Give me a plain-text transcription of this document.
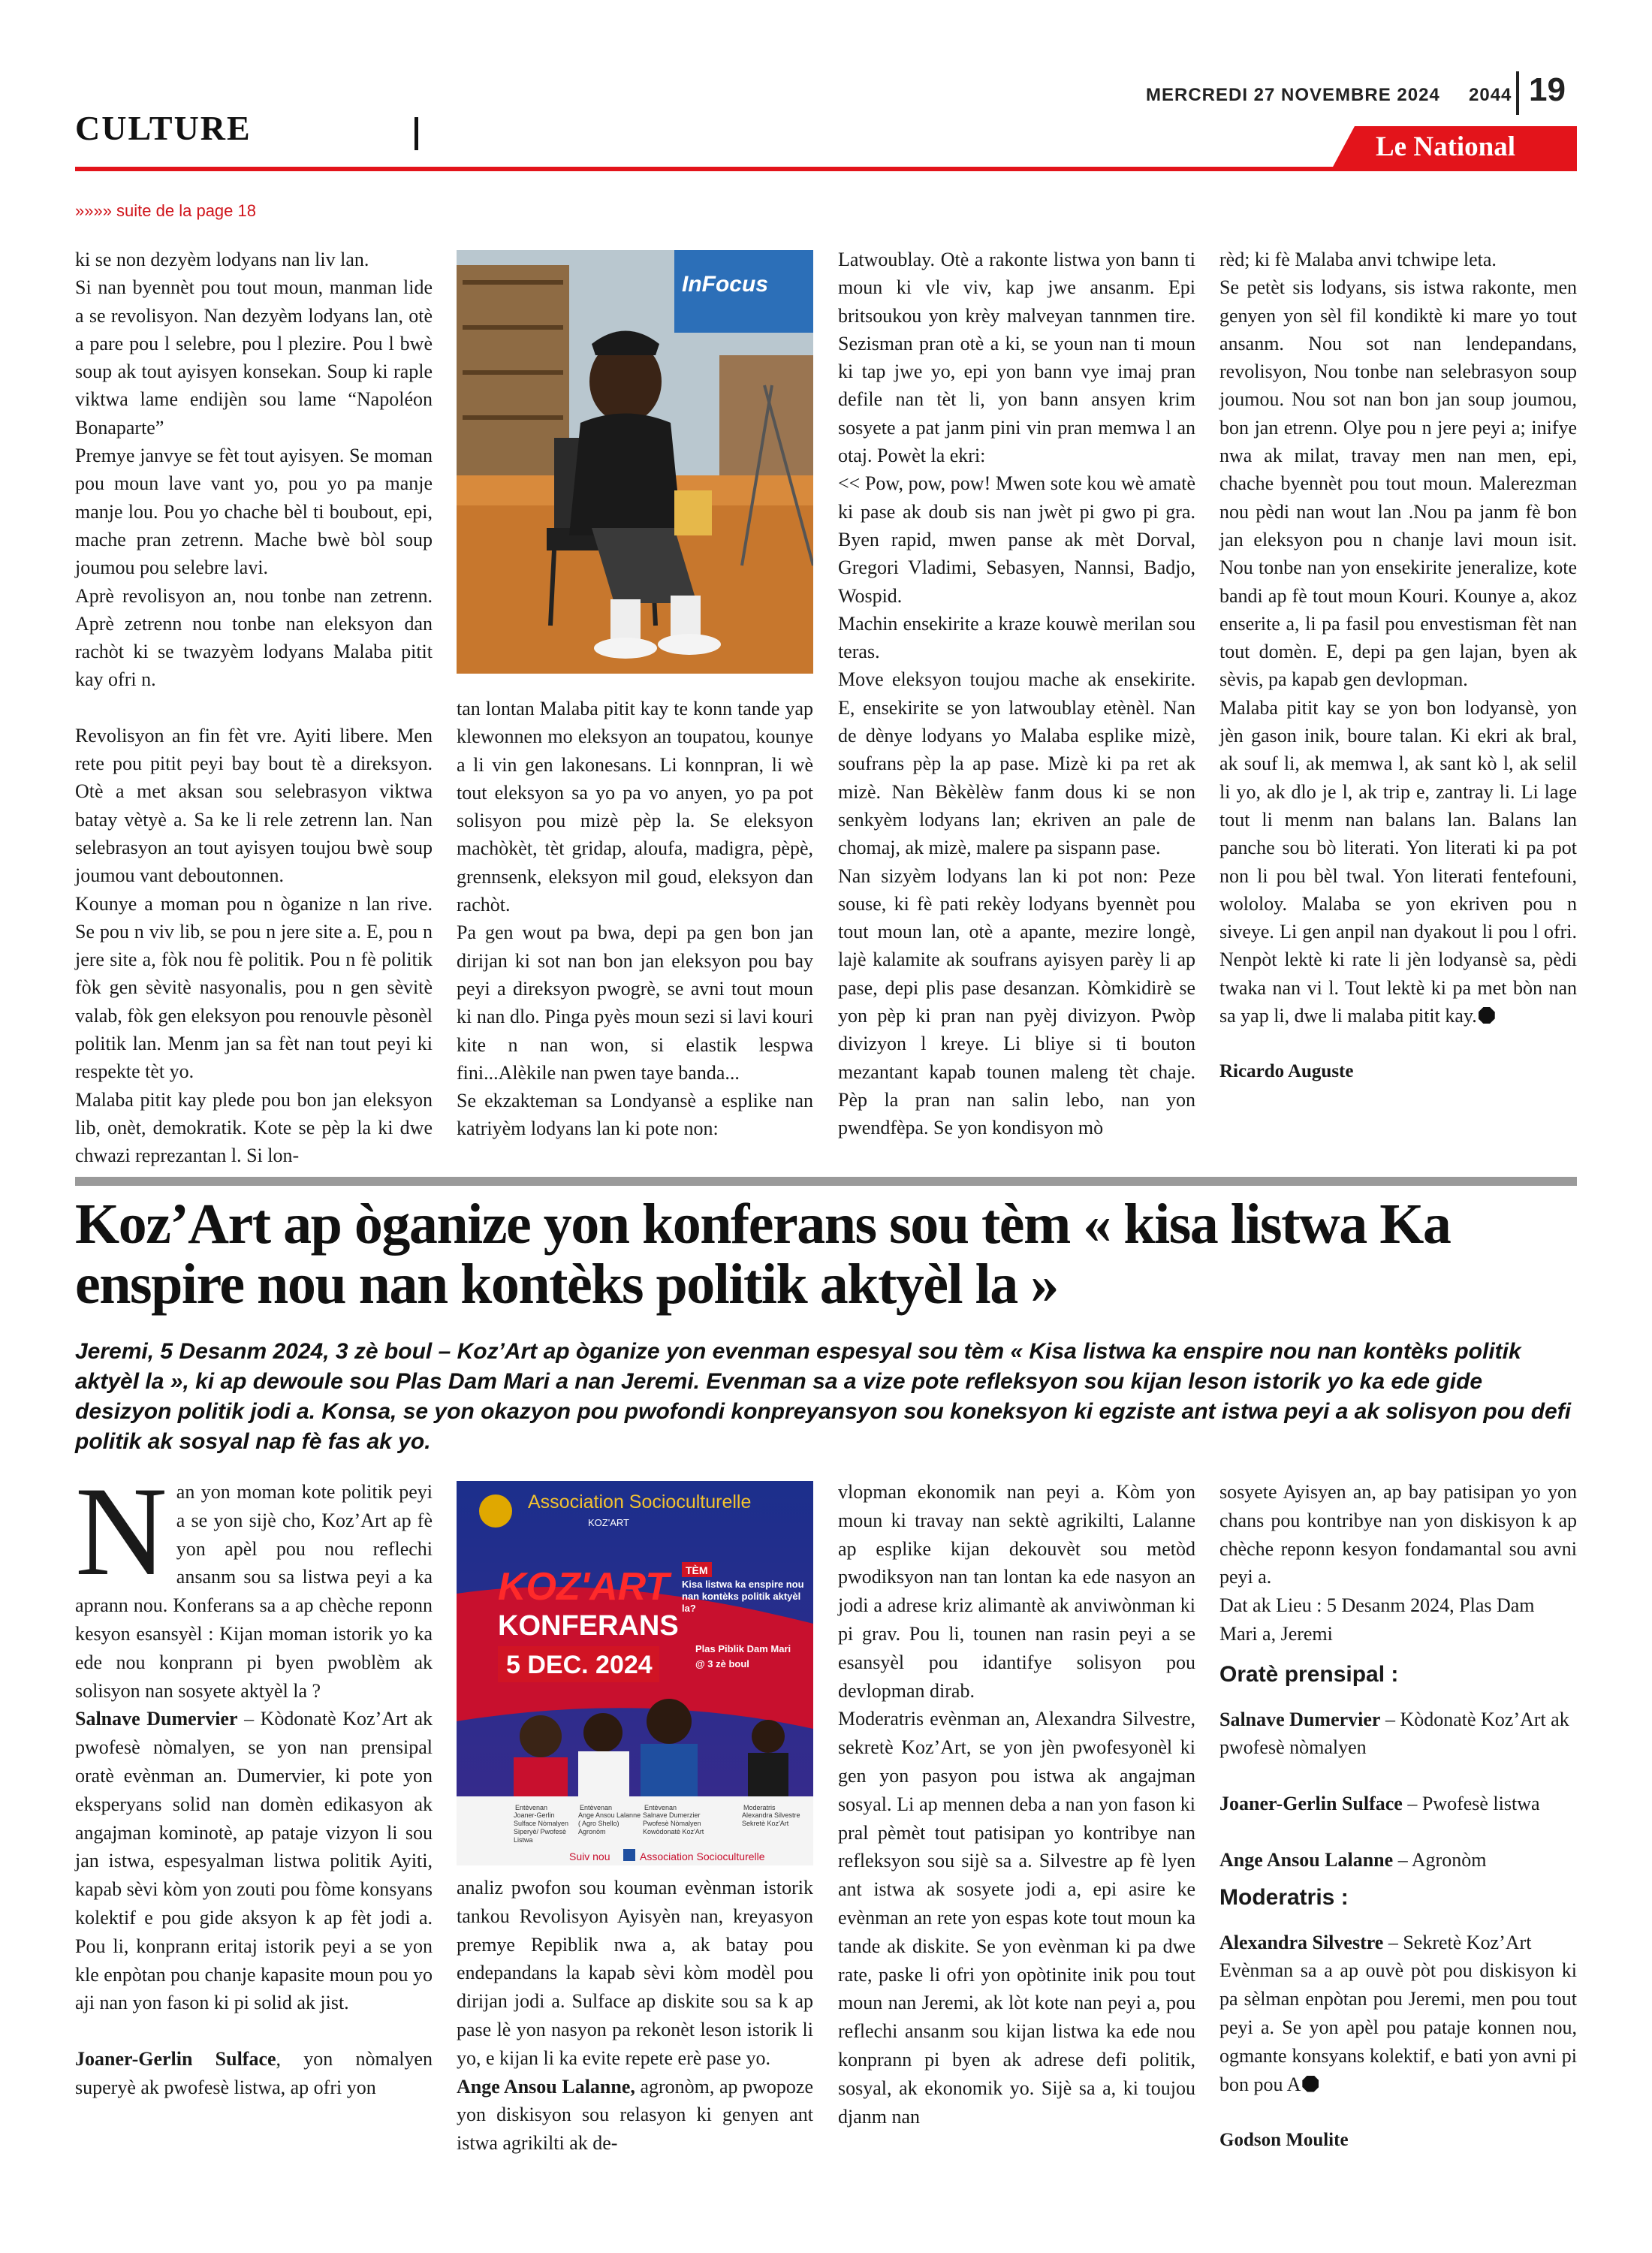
MERCREDI 27 NOVEMBRE 2024 2044 19
CULTURE	Le National
»»»» suite de la page 18

ki se non dezyèm lodyans nan liv lan.

Si nan byennèt pou tout moun, manman lide a se revolisyon. Nan dezyèm lodyans lan, otè a pare pou l selebre, pou l plezire. Pou l bwè soup ak tout ayisyen konsekan. Soup ki raple viktwa lame endijèn sou lame “Napoléon Bonaparte”

Premye janvye se fèt tout ayisyen. Se moman pou moun lave vant yo, pou yo pa manje manje lou. Pou yo chache bèl ti boubout, epi, mache pran zetrenn. Mache bwè bòl soup joumou pou selebre lavi.

Aprè revolisyon an, nou tonbe nan zetrenn. Aprè zetrenn nou tonbe nan eleksyon dan rachòt ki se twazyèm lodyans Malaba pitit kay ofri n.

Revolisyon an fin fèt vre. Ayiti libere. Men rete pou pitit peyi bay bout tè a direksyon. Otè a met aksan sou selebrasyon viktwa batay vètyè a. Sa ke li rele zetrenn lan. Nan selebrasyon an tout ayisyen toujou bwè soup joumou vant deboutonnen.

Kounye a moman pou n òganize n lan rive. Se pou n viv lib, se pou n jere site a. E, pou n jere site a, fòk nou fè politik. Pou n fè politik fòk gen sèvitè nasyonalis, pou n gen sèvitè valab, fòk gen eleksyon pou renouvle pèsonèl politik lan. Menm jan sa fèt nan tout peyi ki respekte tèt yo.

Malaba pitit kay plede pou bon jan eleksyon lib, onèt, demokratik. Kote se pèp la ki dwe chwazi reprezantan l. Si lon-

InFocus

tan lontan Malaba pitit kay te konn tande yap klewonnen mo eleksyon an toupatou, kounye a li vin gen lakonesans. Li konnpran, li wè tout eleksyon sa yo pa vo anyen, yo pa pot solisyon pou mizè pèp la. Se eleksyon machòkèt, tèt gridap, aloufa, madigra, pèpè, grennsenk, eleksyon mil goud, eleksyon dan rachòt.

Pa gen wout pa bwa, depi pa gen bon jan dirijan ki sot nan bon jan eleksyon pou bay peyi a direksyon pwogrè, se avni tout moun ki nan dlo. Pinga pyès moun sezi si lavi kouri kite n nan won, si elastik lespwa fini...Alèkile nan pwen taye banda...

Se ekzakteman sa Londyansè a esplike nan katriyèm lodyans lan ki pote non:

Latwoublay. Otè a rakonte listwa yon bann ti moun ki vle viv, kap jwe ansanm. Epi britsoukou yon krèy malveyan tannmen tire. Sezisman pran otè a ki, se youn nan ti moun ki tap jwe yo, epi yon bann vye imaj pran defile nan tèt li, yon bann ansyen krim sosyete a pat janm pini vin pran memwa l an otaj. Powèt la ekri:

<< Pow, pow, pow! Mwen sote kou wè amatè ki pase ak doub sis nan jwèt pi gwo pi gra. Byen rapid, mwen panse ak mèt Dorval, Gregori Vladimi, Sebasyen, Nannsi, Badjo, Wospid.

Machin ensekirite a kraze kouwè merilan sou teras.

Move eleksyon toujou mache ak ensekirite. E, ensekirite se yon latwoublay etènèl. Nan de dènye lodyans yo Malaba esplike mizè, soufrans pèp la ap pase. Mizè ki pa ret ak mizè. Nan Bèkèlèw fanm dous ki se non senkyèm lodyans lan; ekriven an pale de chomaj, ak mizè, malere pa sispann pase.

Nan sizyèm lodyans lan ki pot non: Peze souse, ki fè pati rekèy lodyans byennèt pou tout moun lan, otè a apante, mezire longè, lajè kalamite ak soufrans ayisyen parèy li ap pase, depi plis pase desanzan. Kòmkidirè se yon pèp ki pran nan pyèj divizyon. Pwòp divizyon l kreye. Li bliye si ti bouton mezantant kapab tounen maleng tèt chaje. Pèp la pran nan salin lebo, nan yon pwendfèpa. Se yon kondisyon mò

rèd; ki fè Malaba anvi tchwipe leta.

Se petèt sis lodyans, sis istwa rakonte, men genyen yon sèl fil kondiktè ki mare yo tout ansanm. Nou sot nan lendepandans, revolisyon, Nou tonbe nan selebrasyon soup joumou. Nou sot nan bon jan soup joumou, bon jan etrenn. Olye pou n jere peyi a; inifye nwa ak milat, travay men nan men, epi, chache byennèt pou tout moun. Malerezman nou pèdi nan wout lan .Nou pa janm fè bon jan eleksyon pou n chanje lavi moun isit. Nou tonbe nan yon ensekirite jeneralize, kote bandi ap fè tout moun Kouri. Kounye a, akoz enserite a, li pa fasil pou envestisman fèt nan tout domèn. E, depi pa gen lajan, byen ak sèvis, pa kapab gen devlopman.

Malaba pitit kay se yon bon lodyansè, yon jèn gason inik, boure talan. Ki ekri ak bral, ak souf li, ak memwa l, ak sant kò l, ak selil li yo, ak dlo je l, ak trip e, zantray li. Li lage tout li menm nan balans lan. Balans lan panche sou bò literati. Yon literati ki pa pot non li pou bèl twal. Yon literati fentefouni, wololoy. Malaba se yon ekriven pou n siveye. Li gen anpil nan dyakout li pou l ofri. Nenpòt lektè ki rate li jèn lodyansè sa, pèdi twaka nan vi l. Tout lektè ki pa met bòn nan sa yap li, dwe li malaba pitit kay.

Ricardo Auguste

Koz’Art ap òganize yon konferans sou tèm « kisa listwa Ka
enspire nou nan kontèks politik aktyèl la »
Jeremi, 5 Desanm 2024, 3 zè boul – Koz’Art ap òganize yon evenman espesyal sou tèm « Kisa listwa ka enspire nou nan kontèks politik aktyèl la », ki ap dewoule sou Plas Dam Mari a nan Jeremi. Evenman sa a vize pote refleksyon sou kijan leson istorik yo ka ede gide desizyon politik jodi a. Konsa, se yon okazyon pou pwofondi konpreyansyon sou koneksyon ki egziste ant istwa peyi a ak solisyon pou defi politik ak sosyal nap fè fas ak yo.

Nan yon moman kote politik peyi a se yon sijè cho, Koz’Art ap fè yon apèl pou nou reflechi ansanm sou sa listwa peyi a ka aprann nou. Konferans sa a ap chèche reponn kesyon esansyèl : Kijan moman istorik yo ka ede nou konprann pi byen pwoblèm ak solisyon nan sosyete aktyèl la ?

Salnave Dumervier – Kòdonatè Koz’Art ak pwofesè nòmalyen, se yon nan prensipal oratè evènman an. Dumervier, ki pote yon eksperyans solid nan domèn edikasyon ak angajman kominotè, ap pataje vizyon li sou jan istwa, espesyalman listwa politik Ayiti, kapab sèvi kòm yon zouti pou fòme konsyans kolektif e pou gide aksyon k ap fèt jodi a. Pou li, konprann eritaj istorik peyi a se yon kle enpòtan pou chanje kapasite moun pou yo aji nan yon fason ki pi solid ak jist.

Joaner-Gerlin Sulface, yon nòmalyen superyè ak pwofesè listwa, ap ofri yon

Association Socioculturelle
KOZ'ART
KOZ'ART
KONFERANS
5 DEC. 2024
TÈM
Kisa listwa ka enspire nou nan kontèks politik aktyèl la?
Plas Piblik Dam Mari
@ 3 zè boul
Entèvenan
Joaner-Gerlin Sulface Nòmalyen Siperyè/ Pwofesè Listwa
Entèvenan
Ange Ansou Lalanne ( Agro Shello) Agronòm
Entèvenan
Salnave Dumerzier Pwofesè Nòmalyen Kowòdonatè Koz'Art
Moderatris
Alexandra Silvestre Sekretè Koz'Art
Suiv nou	Association Socioculturelle

analiz pwofon sou kouman evènman istorik tankou Revolisyon Ayisyèn nan, kreyasyon premye Repiblik nwa a, ak batay pou endepandans la kapab sèvi kòm modèl pou dirijan jodi a. Sulface ap diskite sou sa k ap pase lè yon nasyon pa rekonèt leson istorik li yo, e kijan li ka evite repete erè pase yo.

Ange Ansou Lalanne, agronòm, ap pwopoze yon diskisyon sou relasyon ki genyen ant istwa agrikilti ak de-

vlopman ekonomik nan peyi a. Kòm yon moun ki travay nan sektè agrikilti, Lalanne ap esplike kijan dekouvèt sou metòd pwodiksyon nan tan lontan ka ede nasyon an jodi a adrese kriz alimantè ak anviwònman ki pi grav. Pou li, tounen nan rasin peyi a se esansyèl pou idantifye solisyon pou devlopman dirab.

Moderatris evènman an, Alexandra Silvestre, sekretè Koz’Art, se yon jèn pwofesyonèl ki gen yon pasyon pou istwa ak angajman sosyal. Li ap mennen deba a nan yon fason ki pral pèmèt tout patisipan yo kontribye nan refleksyon sou sijè sa a. Silvestre ap fè lyen ant istwa ak sosyete jodi a, epi asire ke evènman an rete yon espas kote tout moun ka tande ak diskite. Se yon evènman ki pa dwe rate, paske li ofri yon opòtinite inik pou tout moun nan Jeremi, ak lòt kote nan peyi a, pou reflechi ansanm sou kijan listwa ka ede nou konprann pi byen ak adrese defi politik, sosyal, ak ekonomik yo. Sijè sa a, ki toujou djanm nan

sosyete Ayisyen an, ap bay patisipan yo yon chans pou kontribye nan yon diskisyon k ap chèche reponn kesyon fondamantal sou avni peyi a.

Dat ak Lieu : 5 Desanm 2024, Plas Dam Mari a, Jeremi

Oratè prensipal :

Salnave Dumervier – Kòdonatè Koz’Art ak pwofesè nòmalyen

Joaner-Gerlin Sulface – Pwofesè listwa

Ange Ansou Lalanne – Agronòm

Moderatris :

Alexandra Silvestre – Sekretè Koz’Art

Evènman sa a ap ouvè pòt pou diskisyon ki pa sèlman enpòtan pou Jeremi, men pou tout peyi a. Se yon apèl pou pataje konnen nou, ogmante konsyans kolektif, e bati yon avni pi bon pou A

Godson Moulite
